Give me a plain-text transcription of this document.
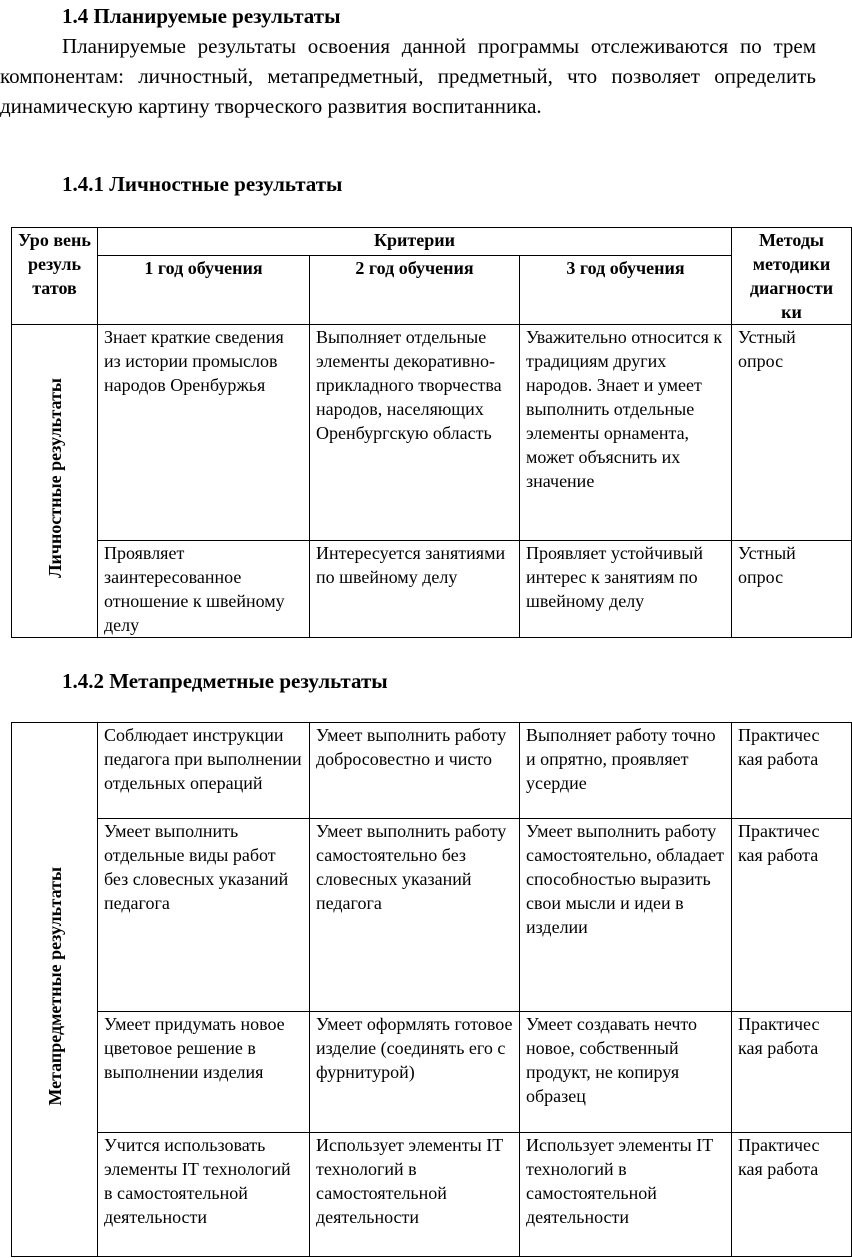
1.4 Планируемые результаты

Планируемые результаты освоения данной программы отслеживаются по трем компонентам: личностный, метапредметный, предметный, что позволяет определить динамическую картину творческого развития воспитанника.

1.4.1 Личностные результаты
Уро вень резуль татов	Критерии			Методы методики диагности ки
	1 год обучения	2 год обучения	3 год обучения	
Личностные результаты	Знает краткие сведения из истории промыслов народов Оренбуржья	Выполняет отдельные элементы декоративно-прикладного творчества народов, населяющих Оренбургскую область	Уважительно относится к традициям других народов. Знает и умеет выполнить отдельные элементы орнамента, может объяснить их значение	Устный опрос
	Проявляет заинтересованное отношение к швейному делу	Интересуется занятиями по швейному делу	Проявляет устойчивый интерес к занятиям по швейному делу	Устный опрос
1.4.2 Метапредметные результаты
Метапредметные результаты	Соблюдает инструкции педагога при выполнении отдельных операций	Умеет выполнить работу добросовестно и чисто	Выполняет работу точно и опрятно, проявляет усердие	Практичес кая работа
	Умеет выполнить отдельные виды работ без словесных указаний педагога	Умеет выполнить работу самостоятельно без словесных указаний педагога	Умеет выполнить работу самостоятельно, обладает способностью выразить свои мысли и идеи в изделии	Практичес кая работа
	Умеет придумать новое цветовое решение в выполнении изделия	Умеет оформлять готовое изделие (соединять его с фурнитурой)	Умеет создавать нечто новое, собственный продукт, не копируя образец	Практичес кая работа
	Учится использовать элементы IT технологий в самостоятельной деятельности	Использует элементы IT технологий в самостоятельной деятельности	Использует элементы IT технологий в самостоятельной деятельности	Практичес кая работа
